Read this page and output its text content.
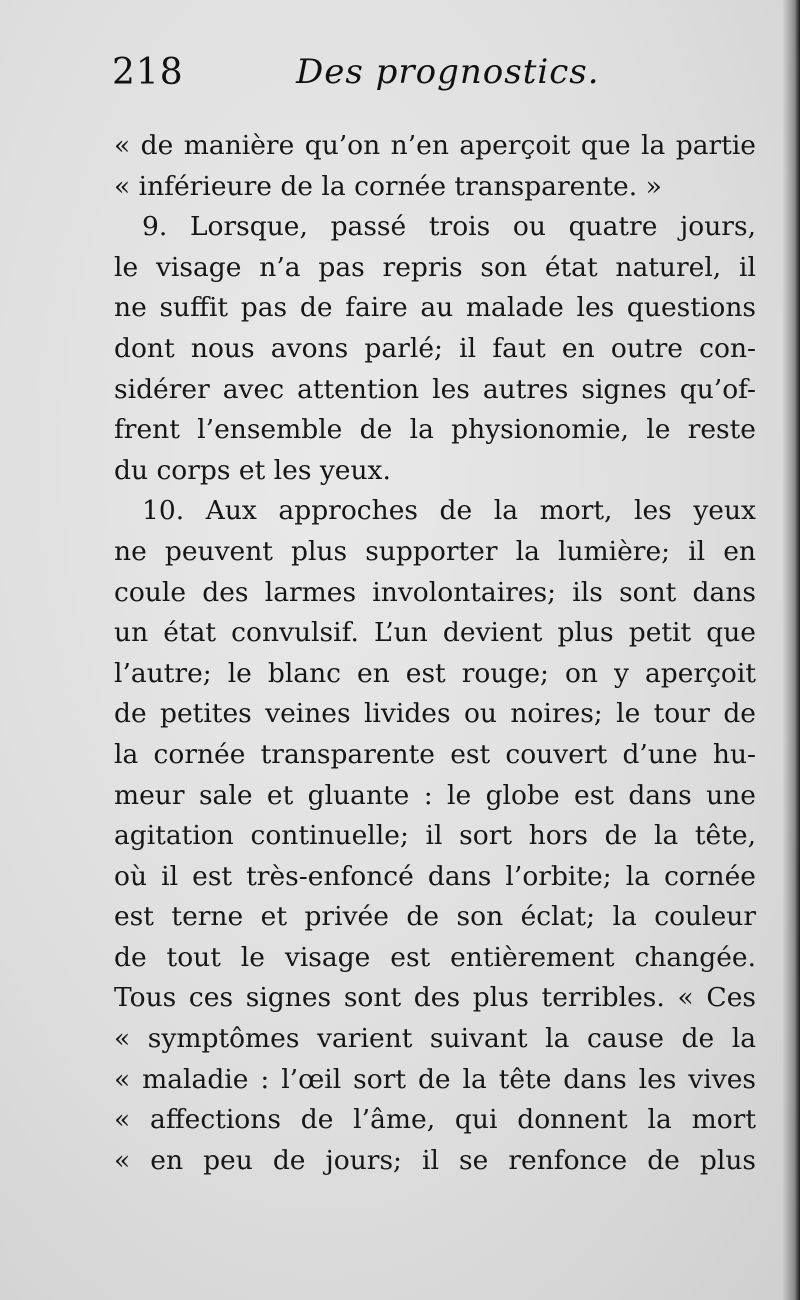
218	Des prognostics.
« de manière qu’on n’en aperçoit que la partie
« inférieure de la cornée transparente. »
9. Lorsque, passé trois ou quatre jours,
le visage n’a pas repris son état naturel, il
ne suffit pas de faire au malade les questions
dont nous avons parlé; il faut en outre con-
sidérer avec attention les autres signes qu’of-
frent l’ensemble de la physionomie, le reste
du corps et les yeux.
10. Aux approches de la mort, les yeux
ne peuvent plus supporter la lumière; il en
coule des larmes involontaires; ils sont dans
un état convulsif. L’un devient plus petit que
l’autre; le blanc en est rouge; on y aperçoit
de petites veines livides ou noires; le tour de
la cornée transparente est couvert d’une hu-
meur sale et gluante : le globe est dans une
agitation continuelle; il sort hors de la tête,
où il est très-enfoncé dans l’orbite; la cornée
est terne et privée de son éclat; la couleur
de tout le visage est entièrement changée.
Tous ces signes sont des plus terribles. « Ces
« symptômes varient suivant la cause de la
« maladie : l’œil sort de la tête dans les vives
« affections de l’âme, qui donnent la mort
« en peu de jours; il se renfonce de plus
